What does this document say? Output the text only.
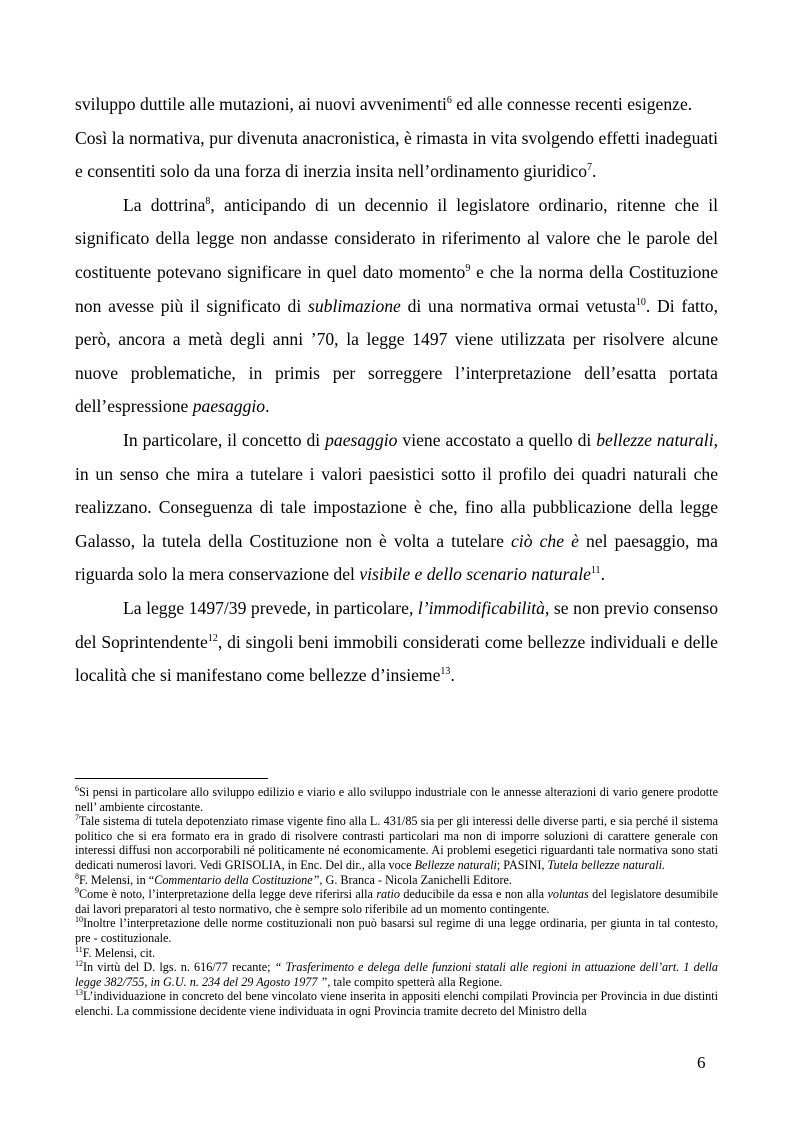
sviluppo duttile alle mutazioni, ai nuovi avvenimenti$^6$ ed alle connesse recenti esigenze.

Così la normativa, pur divenuta anacronistica, è rimasta in vita svolgendo effetti inadeguati e consentiti solo da una forza di inerzia insita nell’ordinamento giuridico$^7$.

La dottrina$^8$, anticipando di un decennio il legislatore ordinario, ritenne che il significato della legge non andasse considerato in riferimento al valore che le parole del costituente potevano significare in quel dato momento$^9$ e che la norma della Costituzione non avesse più il significato di sublimazione di una normativa ormai vetusta$^{10}$. Di fatto, però, ancora a metà degli anni ’70, la legge 1497 viene utilizzata per risolvere alcune nuove problematiche, in primis per sorreggere l’interpretazione dell’esatta portata dell’espressione paesaggio.

In particolare, il concetto di paesaggio viene accostato a quello di bellezze naturali, in un senso che mira a tutelare i valori paesistici sotto il profilo dei quadri naturali che realizzano. Conseguenza di tale impostazione è che, fino alla pubblicazione della legge Galasso, la tutela della Costituzione non è volta a tutelare ciò che è nel paesaggio, ma riguarda solo la mera conservazione del visibile e dello scenario naturale$^{11}$.

La legge 1497/39 prevede, in particolare, l’immodificabilità, se non previo consenso del Soprintendente$^{12}$, di singoli beni immobili considerati come bellezze individuali e delle località che si manifestano come bellezze d’insieme$^{13}$.

$^6$Si pensi in particolare allo sviluppo edilizio e viario e allo sviluppo industriale con le annesse alterazioni di vario genere prodotte nell’ ambiente circostante.

$^7$Tale sistema di tutela depotenziato rimase vigente fino alla L. 431/85 sia per gli interessi delle diverse parti, e sia perché il sistema politico che si era formato era in grado di risolvere contrasti particolari ma non di imporre soluzioni di carattere generale con interessi diffusi non accorporabili né politicamente né economicamente. Ai problemi esegetici riguardanti tale normativa sono stati dedicati numerosi lavori. Vedi GRISOLIA, in Enc. Del dir., alla voce Bellezze naturali; PASINI, Tutela bellezze naturali.

$^8$F. Melensi, in “Commentario della Costituzione”, G. Branca - Nicola Zanichelli Editore.

$^9$Come è noto, l’interpretazione della legge deve riferirsi alla ratio deducibile da essa e non alla voluntas del legislatore desumibile dai lavori preparatori al testo normativo, che è sempre solo riferibile ad un momento contingente.

$^{10}$Inoltre l’interpretazione delle norme costituzionali non può basarsi sul regime di una legge ordinaria, per giunta in tal contesto, pre - costituzionale.

$^{11}$F. Melensi, cit.

$^{12}$In virtù del D. lgs. n. 616/77 recante; “ Trasferimento e delega delle funzioni statali alle regioni in attuazione dell’art. 1 della legge 382/755, in G.U. n. 234 del 29 Agosto 1977 ”, tale compito spetterà alla Regione.

$^{13}$L’individuazione in concreto del bene vincolato viene inserita in appositi elenchi compilati Provincia per Provincia in due distinti elenchi. La commissione decidente viene individuata in ogni Provincia tramite decreto del Ministro della

6
